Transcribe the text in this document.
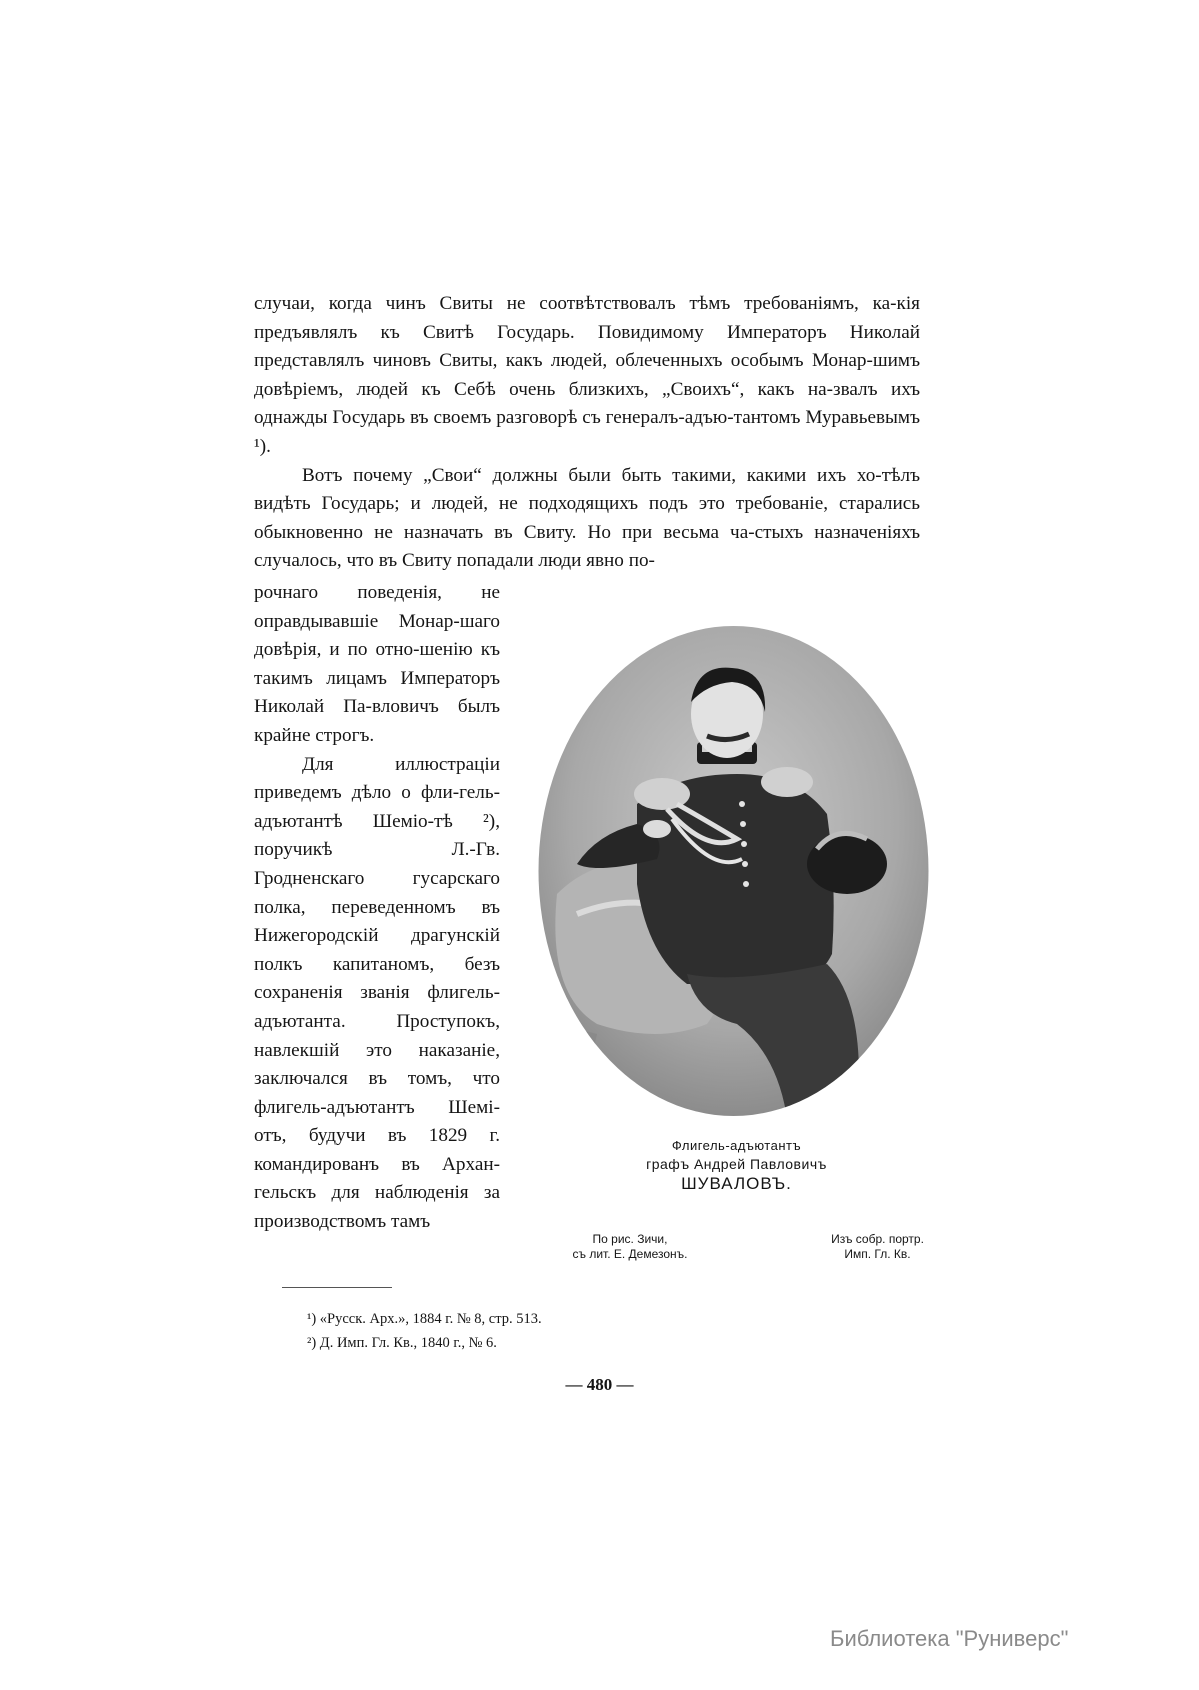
случаи, когда чинъ Свиты не соотвѣтствовалъ тѣмъ требованiямъ, ка-кiя предъявлялъ къ Свитѣ Государь. Повидимому Императоръ Николай представлялъ чиновъ Свиты, какъ людей, облеченныхъ особымъ Монар-шимъ довѣрiемъ, людей къ Себѣ очень близкихъ, „Своихъ“, какъ на-звалъ ихъ однажды Государь въ своемъ разговорѣ съ генералъ-адъю-тантомъ Муравьевымъ ¹).

Вотъ почему „Свои“ должны были быть такими, какими ихъ хо-тѣлъ видѣть Государь; и людей, не подходящихъ подъ это требованiе, старались обыкновенно не назначать въ Свиту. Но при весьма ча-стыхъ назначенiяхъ случалось, что въ Свиту попадали люди явно по-

рочнаго поведенiя, не оправдывавшiе Монар-шаго довѣрiя, и по отно-шенiю къ такимъ лицамъ Императоръ Николай Па-вловичъ былъ крайне строгъ.

Для иллюстрацiи приведемъ дѣло о фли-гель-адъютантѣ Шемiо-тѣ ²), поручикѣ Л.-Гв. Гродненскаго гусарскаго полка, переведенномъ въ Нижегородскiй драгунскiй полкъ капитаномъ, безъ сохраненiя званiя флигель-адъютанта. Проступокъ, навлекшiй это наказанiе, заключался въ томъ, что флигель-адъютантъ Шемi-отъ, будучи въ 1829 г. командированъ въ Архан-гельскъ для наблюденiя за производствомъ тамъ

Флигель-адъютантъ
графъ Андрей Павловичъ
ШУВАЛОВЪ.
По рис. Зичи,
съ лит. Е. Демезонъ.
Изъ собр. портр.
Имп. Гл. Кв.
¹) «Русск. Арх.», 1884 г. № 8, стр. 513.
²) Д. Имп. Гл. Кв., 1840 г., № 6.
— 480 —
Библиотека "Руниверс"
